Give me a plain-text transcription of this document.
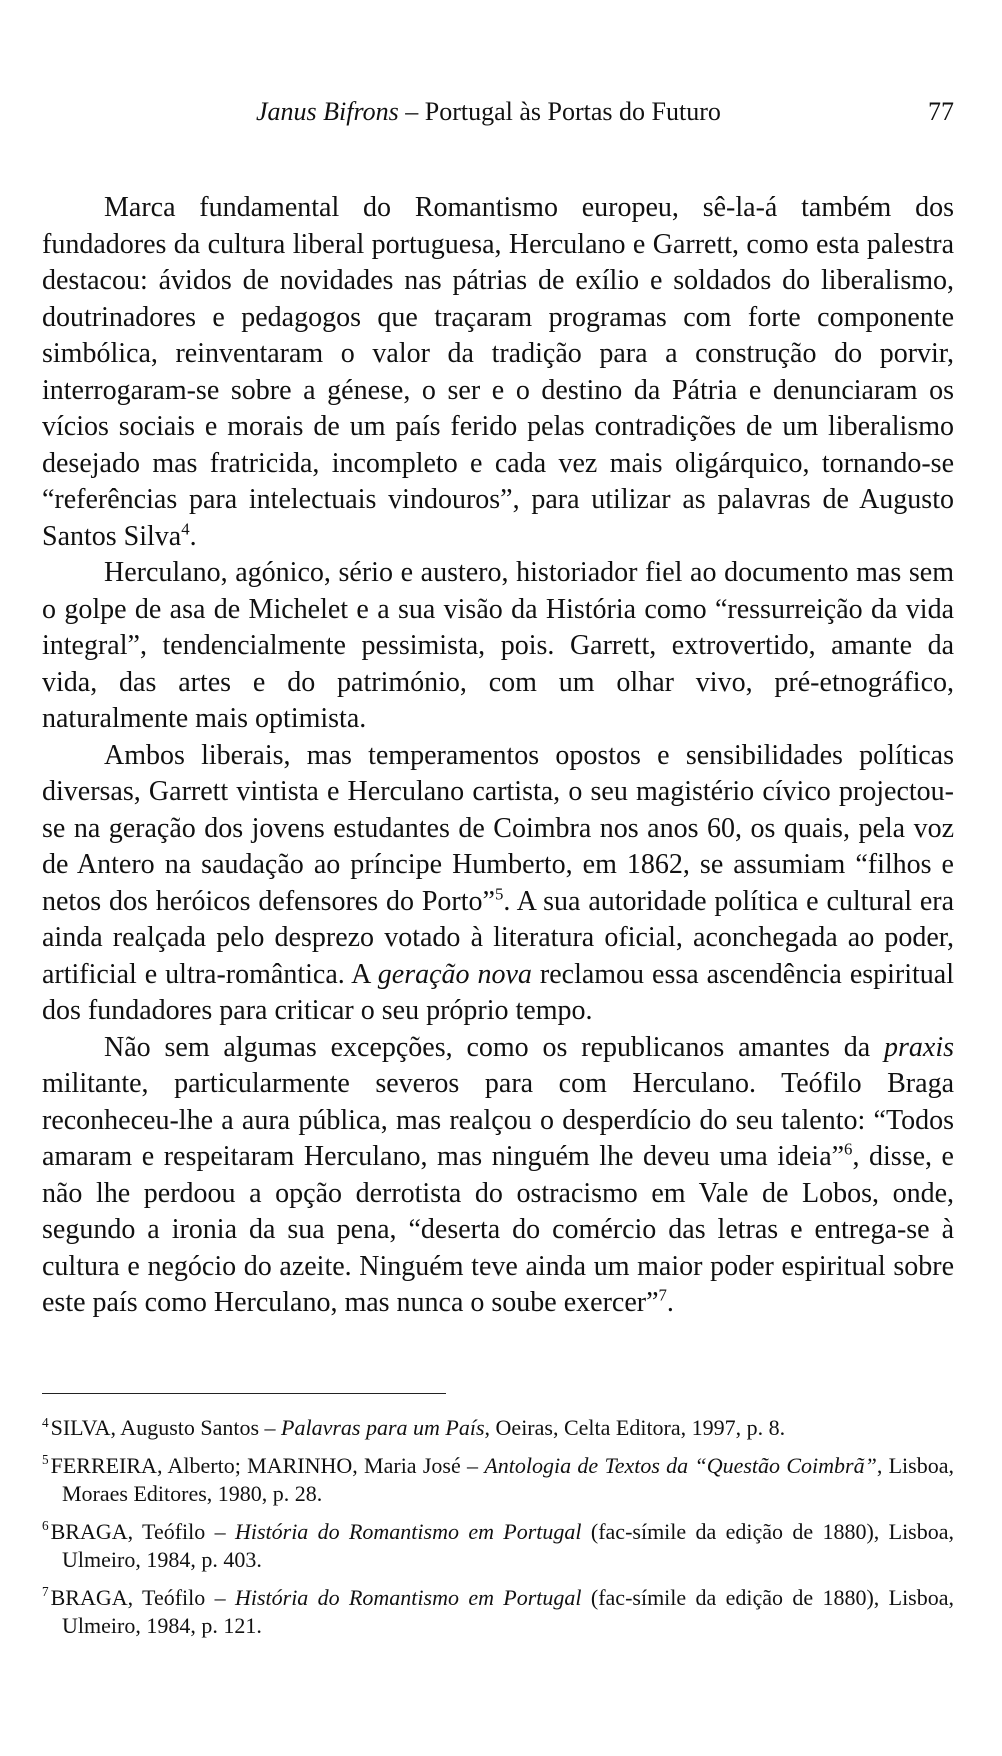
Janus Bifrons – Portugal às Portas do Futuro	77

Marca fundamental do Romantismo europeu, sê-la-á também dos fundadores da cultura liberal portuguesa, Herculano e Garrett, como esta palestra destacou: ávidos de novidades nas pátrias de exílio e soldados do liberalismo, doutrinadores e pedagogos que traçaram programas com forte componente simbólica, reinventaram o valor da tradição para a construção do porvir, interrogaram-se sobre a génese, o ser e o destino da Pátria e denunciaram os vícios sociais e morais de um país ferido pelas contradições de um liberalismo desejado mas fratricida, incompleto e cada vez mais oligárquico, tornando-se “referências para intelectuais vindouros”, para utilizar as palavras de Augusto Santos Silva$^4$.

Herculano, agónico, sério e austero, historiador fiel ao documento mas sem o golpe de asa de Michelet e a sua visão da História como “ressurreição da vida integral”, tendencialmente pessimista, pois. Garrett, extrovertido, amante da vida, das artes e do património, com um olhar vivo, pré-etnográfico, naturalmente mais optimista.

Ambos liberais, mas temperamentos opostos e sensibilidades políticas diversas, Garrett vintista e Herculano cartista, o seu magistério cívico projectou-se na geração dos jovens estudantes de Coimbra nos anos 60, os quais, pela voz de Antero na saudação ao príncipe Humberto, em 1862, se assumiam “filhos e netos dos heróicos defensores do Porto”$^5$. A sua autoridade política e cultural era ainda realçada pelo desprezo votado à literatura oficial, aconchegada ao poder, artificial e ultra-romântica. A geração nova reclamou essa ascendência espiritual dos fundadores para criticar o seu próprio tempo.

Não sem algumas excepções, como os republicanos amantes da praxis militante, particularmente severos para com Herculano. Teófilo Braga reconheceu-lhe a aura pública, mas realçou o desperdício do seu talento: “Todos amaram e respeitaram Herculano, mas ninguém lhe deveu uma ideia”$^6$, disse, e não lhe perdoou a opção derrotista do ostracismo em Vale de Lobos, onde, segundo a ironia da sua pena, “deserta do comércio das letras e entrega-se à cultura e negócio do azeite. Ninguém teve ainda um maior poder espiritual sobre este país como Herculano, mas nunca o soube exercer”$^7$.

$^4$SILVA, Augusto Santos – Palavras para um País, Oeiras, Celta Editora, 1997, p. 8.

$^5$FERREIRA, Alberto; MARINHO, Maria José – Antologia de Textos da “Questão Coimbrã”, Lisboa, Moraes Editores, 1980, p. 28.

$^6$BRAGA, Teófilo – História do Romantismo em Portugal (fac-símile da edição de 1880), Lisboa, Ulmeiro, 1984, p. 403.

$^7$BRAGA, Teófilo – História do Romantismo em Portugal (fac-símile da edição de 1880), Lisboa, Ulmeiro, 1984, p. 121.
